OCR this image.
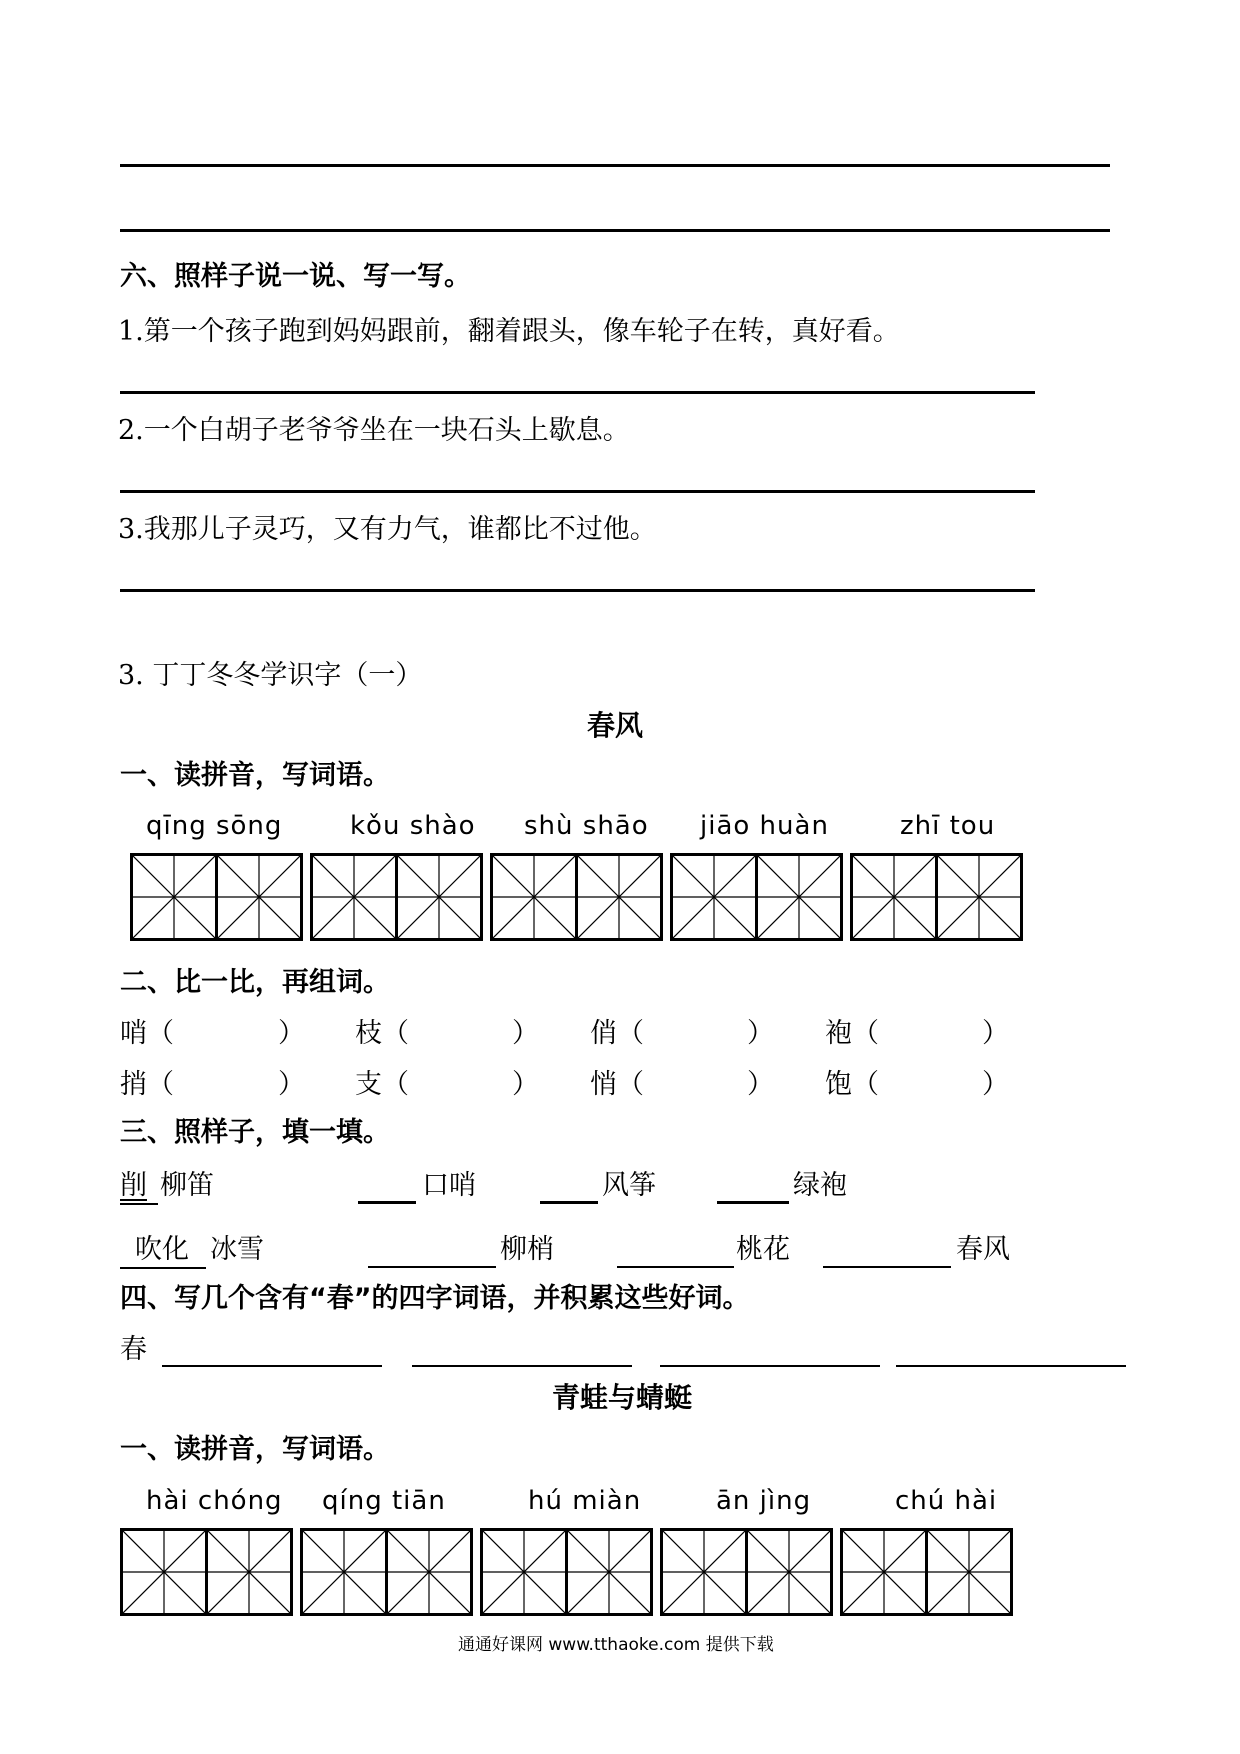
六、照样子说一说、写一写。
1.第一个孩子跑到妈妈跟前，翻着跟头，像车轮子在转，真好看。
2.一个白胡子老爷爷坐在一块石头上歇息。
3.我那儿子灵巧，又有力气，谁都比不过他。
3. 丁丁冬冬学识字（一）
春风
一、读拼音，写词语。
qīng sōng	kǒu shào shù shāo jiāo huàn	zhī tou
二、比一比，再组词。
哨（	） 枝（	） 俏（	） 袍（	）
捎（	） 支（	） 悄（	） 饱（	）
三、照样子，填一填。
削 柳笛	口哨	风筝	绿袍
吹化 冰雪	柳梢	桃花	春风
四、写几个含有“春”的四字词语，并积累这些好词。
春
青蛙与蜻蜓
一、读拼音，写词语。
hài chóng qíng tiān	hú miàn	ān jìng	chú hài
通通好课网 www.tthaoke.com 提供下载
